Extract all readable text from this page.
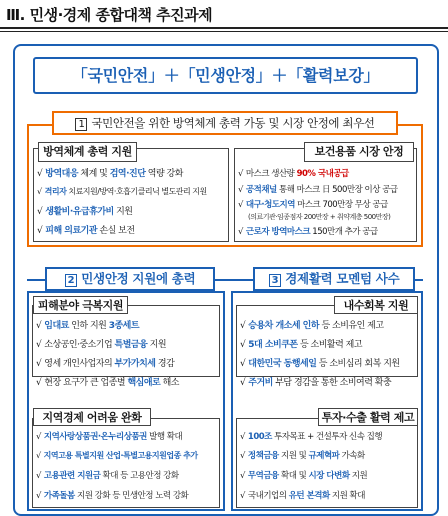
Ⅲ. 민생·경제 종합대책 추진과제
「국민안전」＋「민생안정」＋「활력보강」
1 국민안전을 위한 방역체계 총력 가동 및 시장 안정에 최우선
방역체계 총력 지원
√ 방역대응 체계 및 검역·진단 역량 강화
√ 격리자 치료지원/방역·호흡기클리닉 별도관리 지원
√ 생활비·유급휴가비 지원
√ 피해 의료기관 손실 보전
보건용품 시장 안정
√ 마스크 생산량 90% 국내공급
√ 공적채널 통해 마스크 日 500만장 이상 공급
√ 대구·청도지역 마스크 700만장 무상 공급
(의료기관·임종점자 200만장 + 취약계층 500만장)
√ 근로자 방역마스크 150만개 추가 공급
2 민생안정 지원에 총력	3 경제활력 모멘텀 사수
피해분야 극복지원
√ 임대료 인하 지원 3종세트
√ 소상공인·중소기업 특별금융 지원
√ 영세 개인사업자의 부가가치세 경감
√ 현장 요구가 큰 업종별 핵심애로 해소
지역경제 어려움 완화
√ 지역사랑상품권·온누리상품권 발행 확대
√ 지역고용 특별지원 산업·특별고용지원업종 추가
√ 고용관련 지원금 확대 등 고용안정 강화
√ 가족돌봄 지원 강화 등 민생안정 노력 강화
내수회복 지원
√ 승용차 개소세 인하 등 소비유인 제고
√ 5대 소비쿠폰 등 소비활력 제고
√ 대한민국 동행세일 등 소비심리 회복 지원
√ 주거비 부담 경감을 통한 소비여력 확충
투자·수출 활력 제고
√ 100조 투자목표 + 건설투자 신속 집행
√ 정책금융 지원 및 규제혁파 가속화
√ 무역금융 확대 및 시장 다변화 지원
√ 국내기업의 유턴 본격화 지원 확대
